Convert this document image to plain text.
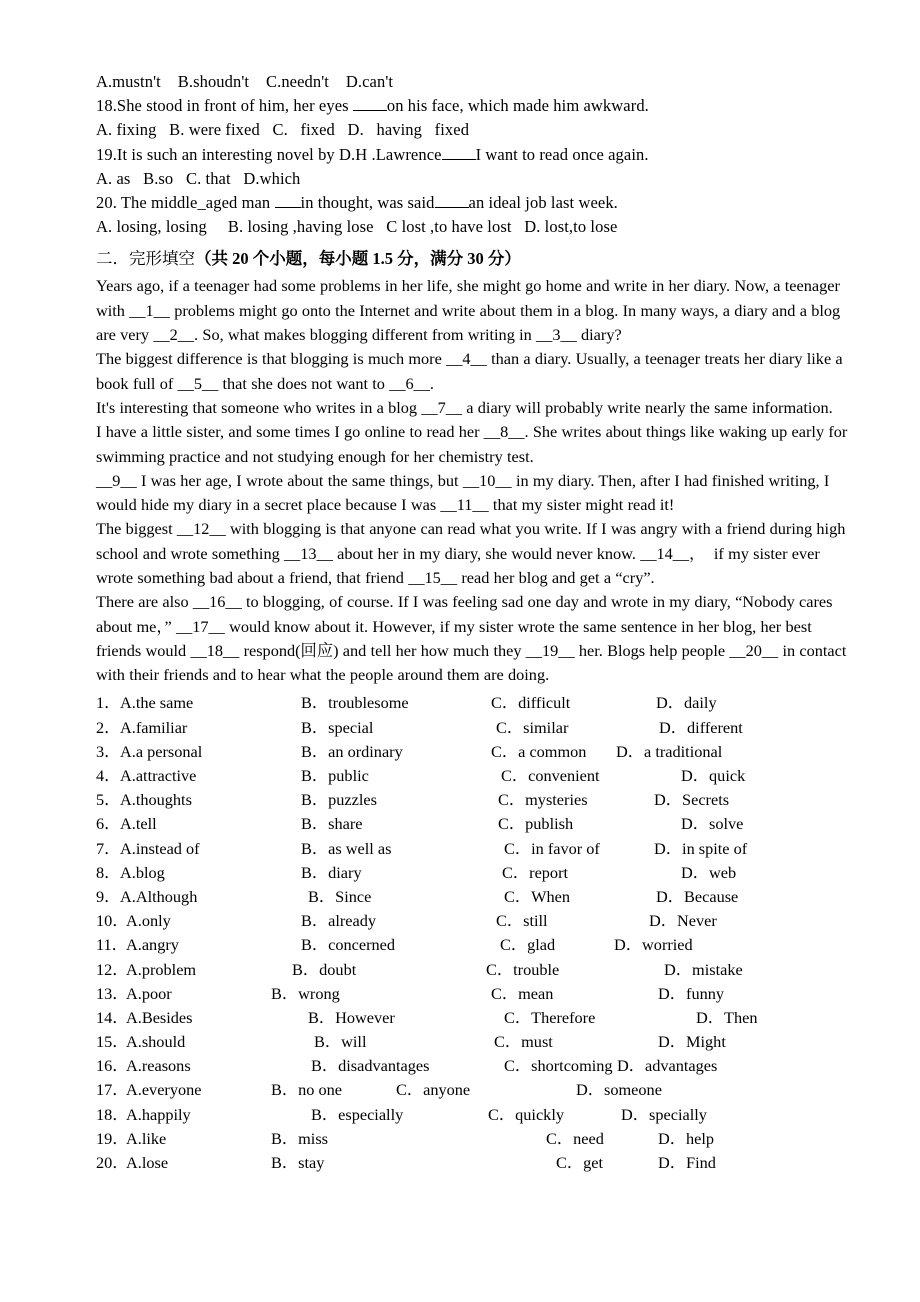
A.mustn't    B.shoudn't    C.needn't    D.can't
18.She stood in front of him, her eyes on his face, which made him awkward.
A. fixing   B. were fixed   C.   fixed   D.   having   fixed
19.It is such an interesting novel by D.H .Lawrence I want to read once again.
A. as   B.so   C. that   D.which
20. The middle_aged man in thought, was said an ideal job last week.
A. losing, losing     B. losing ,having lose   C lost ,to have lost   D. lost,to lose
二．完形填空（共 20 个小题，每小题 1.5 分，满分 30 分）

Years ago, if a teenager had some problems in her life, she might go home and write in her diary. Now, a teenager with __1__ problems might go onto the Internet and write about them in a blog. In many ways, a diary and a blog are very __2__. So, what makes blogging different from writing in __3__ diary?

The biggest difference is that blogging is much more __4__ than a diary. Usually, a teenager treats her diary like a book full of __5__ that she does not want to __6__.

It's interesting that someone who writes in a blog __7__ a diary will probably write nearly the same information.

I have a little sister, and some times I go online to read her __8__. She writes about things like waking up early for swimming practice and not studying enough for her chemistry test.

__9__ I was her age, I wrote about the same things, but __10__ in my diary. Then, after I had finished writing, I would hide my diary in a secret place because I was __11__ that my sister might read it!

The biggest __12__ with blogging is that anyone can read what you write. If I was angry with a friend during high school and wrote something __13__ about her in my diary, she would never know. __14__，  if my sister ever wrote something bad about a friend, that friend __15__ read her blog and get a “cry”.

There are also __16__ to blogging, of course. If I was feeling sad one day and wrote in my diary, “Nobody cares about me，” __17__ would know about it. However, if my sister wrote the same sentence in her blog, her best friends would __18__ respond(回应) and tell her how much they __19__ her. Blogs help people __20__ in contact with their friends and to hear what the people around them are doing.

1． A.the same	B．troublesome	C．difficult	D．daily
2． A.familiar	B．special	C．similar	D．different
3． A.a personal	B．an ordinary	C．a common D．a traditional
4． A.attractive	B．public	C．convenient	D．quick
5． A.thoughts	B．puzzles	C．mysteries	D．Secrets
6． A.tell	B．share	C．publish	D．solve
7． A.instead of	B．as well as	C．in favor of	D．in spite of
8． A.blog	B．diary	C．report	D．web
9． A.Although	B．Since	C．When	D．Because
10．
A.only	B．already	C．still	D．Never
11．
A.angry	B．concerned	C．glad	D．worried
12．
A.problem	B．doubt	C．trouble	D．mistake
13．
A.poor	B．wrong	C．mean	D．funny
14．
A.Besides	B．However	C．Therefore	D．Then
15．
A.should	B．will	C．must	D．Might
16．
A.reasons	B．disadvantages	C．shortcoming D．advantages
17．
A.everyone	B．no one	C．anyone	D．someone
18．
A.happily	B．especially	C．quickly	D．specially
19．
A.like	B．miss	C．need	D．help
20．
A.lose	B．stay	C．get	D．Find
